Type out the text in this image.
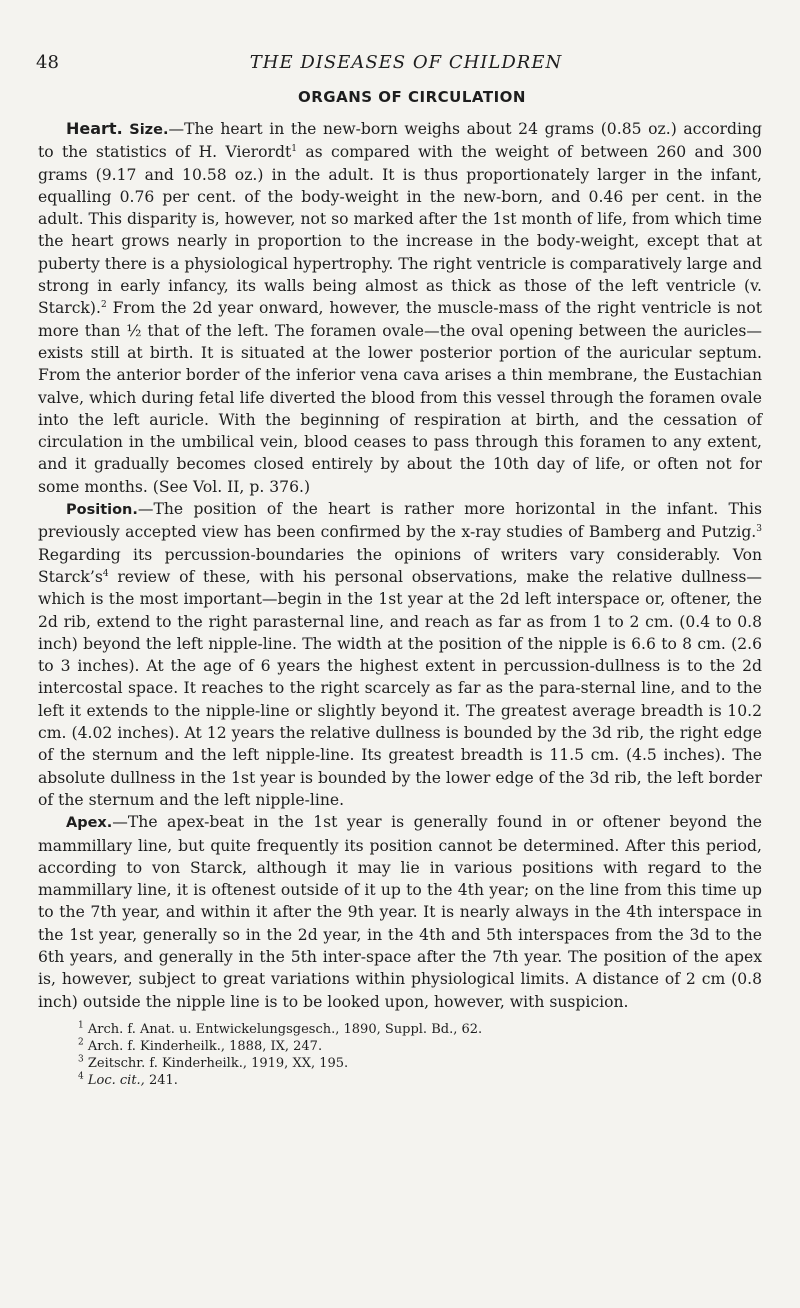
48	THE DISEASES OF CHILDREN
ORGANS OF CIRCULATION

Heart. Size.—The heart in the new-born weighs about 24 grams (0.85 oz.) according to the statistics of H. Vierordt$^1$ as compared with the weight of between 260 and 300 grams (9.17 and 10.58 oz.) in the adult. It is thus proportionately larger in the infant, equalling 0.76 per cent. of the body-weight in the new-born, and 0.46 per cent. in the adult. This disparity is, however, not so marked after the 1st month of life, from which time the heart grows nearly in proportion to the increase in the body-weight, except that at puberty there is a physiological hypertrophy. The right ventricle is comparatively large and strong in early infancy, its walls being almost as thick as those of the left ventricle (v. Starck).$^2$ From the 2d year onward, however, the muscle-mass of the right ventricle is not more than ½ that of the left. The foramen ovale—the oval opening between the auricles—exists still at birth. It is situated at the lower posterior portion of the auricular septum. From the anterior border of the inferior vena cava arises a thin membrane, the Eustachian valve, which during fetal life diverted the blood from this vessel through the foramen ovale into the left auricle. With the beginning of respiration at birth, and the cessation of circulation in the umbilical vein, blood ceases to pass through this foramen to any extent, and it gradually becomes closed entirely by about the 10th day of life, or often not for some months. (See Vol. II, p. 376.)

Position.—The position of the heart is rather more horizontal in the infant. This previously accepted view has been confirmed by the x-ray studies of Bamberg and Putzig.$^3$ Regarding its percussion-boundaries the opinions of writers vary considerably. Von $Starck’s^4$ review of these, with his personal observations, make the relative dullness—which is the most important—begin in the 1st year at the 2d left interspace or, oftener, the 2d rib, extend to the right parasternal line, and reach as far as from 1 to 2 cm. (0.4 to 0.8 inch) beyond the left nipple-line. The width at the position of the nipple is 6.6 to 8 cm. (2.6 to 3 inches). At the age of 6 years the highest extent in percussion-dullness is to the 2d intercostal space. It reaches to the right scarcely as far as the para-sternal line, and to the left it extends to the nipple-line or slightly beyond it. The greatest average breadth is 10.2 cm. (4.02 inches). At 12 years the relative dullness is bounded by the 3d rib, the right edge of the sternum and the left nipple-line. Its greatest breadth is 11.5 cm. (4.5 inches). The absolute dullness in the 1st year is bounded by the lower edge of the 3d rib, the left border of the sternum and the left nipple-line.

Apex.—The apex-beat in the 1st year is generally found in or oftener beyond the mammillary line, but quite frequently its position cannot be determined. After this period, according to von Starck, although it may lie in various positions with regard to the mammillary line, it is oftenest outside of it up to the 4th year; on the line from this time up to the 7th year, and within it after the 9th year. It is nearly always in the 4th interspace in the 1st year, generally so in the 2d year, in the 4th and 5th interspaces from the 3d to the 6th years, and generally in the 5th inter-space after the 7th year. The position of the apex is, however, subject to great variations within physiological limits. A distance of 2 cm (0.8 inch) outside the nipple line is to be looked upon, however, with suspicion.

$^1$ Arch. f. Anat. u. Entwickelungsgesch., 1890, Suppl. Bd., 62.
$^2$ Arch. f. Kinderheilk., 1888, IX, 247.
$^3$ Zeitschr. f. Kinderheilk., 1919, XX, 195.
$^4$ Loc. cit., 241.
